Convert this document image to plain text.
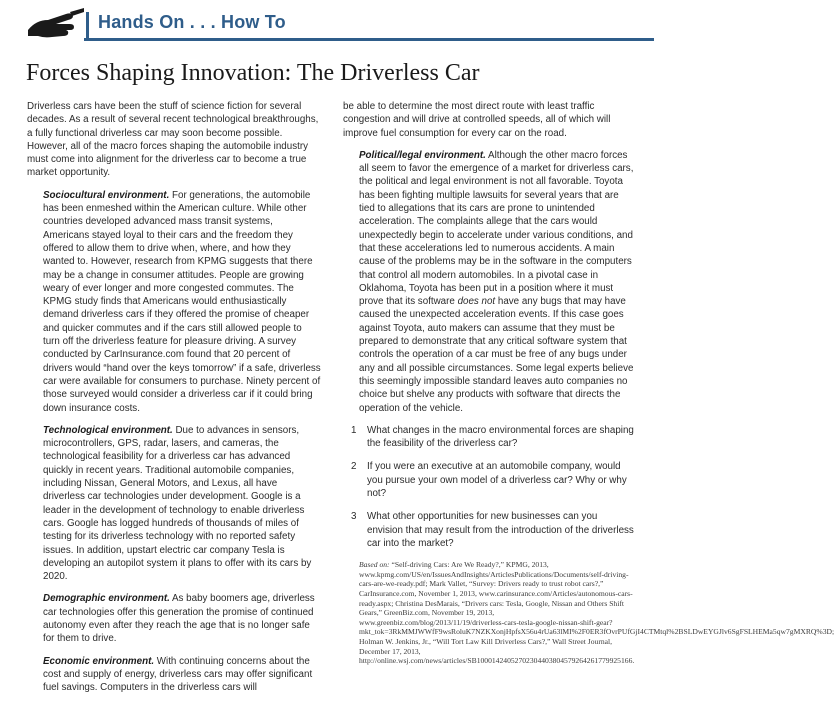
Hands On . . . How To
Forces Shaping Innovation: The Driverless Car

Driverless cars have been the stuff of science fiction for several decades. As a result of several recent technological breakthroughs, a fully functional driverless car may soon become possible. However, all of the macro forces shaping the automobile industry must come into alignment for the driverless car to become a true market opportunity.

Sociocultural environment. For generations, the automobile has been enmeshed within the American culture. While other countries developed advanced mass transit systems, Americans stayed loyal to their cars and the freedom they offered to allow them to drive when, where, and how they wanted to. However, research from KPMG suggests that there may be a change in consumer attitudes. People are growing weary of ever longer and more congested commutes. The KPMG study finds that Americans would enthusiastically demand driverless cars if they offered the promise of cheaper and quicker commutes and if the cars still allowed people to turn off the driverless feature for pleasure driving. A survey conducted by CarInsurance.com found that 20 percent of drivers would “hand over the keys tomorrow” if a safe, driverless car were available for consumers to purchase. Ninety percent of those surveyed would consider a driverless car if it could bring down insurance costs.

Technological environment. Due to advances in sensors, microcontrollers, GPS, radar, lasers, and cameras, the technological feasibility for a driverless car has advanced quickly in recent years. Traditional automobile companies, including Nissan, General Motors, and Lexus, all have driverless car technologies under development. Google is a leader in the development of technology to enable driverless cars. Google has logged hundreds of thousands of miles of testing for its driverless technology with no reported safety issues. In addition, upstart electric car company Tesla is developing an autopilot system it plans to offer with its cars by 2020.

Demographic environment. As baby boomers age, driverless car technologies offer this generation the promise of continued autonomy even after they reach the age that is no longer safe for them to drive.

Economic environment. With continuing concerns about the cost and supply of energy, driverless cars may offer significant fuel savings. Computers in the driverless cars will

be able to determine the most direct route with least traffic congestion and will drive at controlled speeds, all of which will improve fuel consumption for every car on the road.

Political/legal environment. Although the other macro forces all seem to favor the emergence of a market for driverless cars, the political and legal environment is not all favorable. Toyota has been fighting multiple lawsuits for several years that are tied to allegations that its cars are prone to unintended acceleration. The complaints allege that the cars would unexpectedly begin to accelerate under various conditions, and that these accelerations led to numerous accidents. A main cause of the problems may be in the software in the computers that control all modern automobiles. In a pivotal case in Oklahoma, Toyota has been put in a position where it must prove that its software does not have any bugs that may have caused the unexpected acceleration events. If this case goes against Toyota, auto makers can assume that they must be prepared to demonstrate that any critical software system that controls the operation of a car must be free of any bugs under any and all possible circumstances. Some legal experts believe this seemingly impossible standard leaves auto companies no choice but shelve any products with software that directs the operation of the vehicle.

1 What changes in the macro environmental forces are shaping the feasibility of the driverless car?
2 If you were an executive at an automobile company, would you pursue your own model of a driverless car? Why or why not?
3 What other opportunities for new businesses can you envision that may result from the introduction of the driverless car into the market?

Based on: “Self-driving Cars: Are We Ready?,” KPMG, 2013, www.kpmg.com/US/en/IssuesAndInsights/ArticlesPublications/Documents/self-driving-cars-are-we-ready.pdf; Mark Vallet, “Survey: Drivers ready to trust robot cars?,” CarInsurance.com, November 1, 2013, www.carinsurance.com/Articles/autonomous-cars-ready.aspx; Christina DesMarais, “Drivers cars: Tesla, Google, Nissan and Others Shift Gears,” GreenBiz.com, November 19, 2013, www.greenbiz.com/blog/2013/11/19/driverless-cars-tesla-google-nissan-shift-gear?mkt_tok=3RkMMJWWfF9wsRoluK7NZKXonjHpfsX56u4rUa63lMI%2F0ER3fOvrPUfGjI4CTMtql%2BSLDwEYGJlv6SgFSLHEMa5qw7gMXRQ%3D; Holman W. Jenkins, Jr., “Will Tort Law Kill Driverless Cars?,” Wall Street Journal, December 17, 2013, http://online.wsj.com/news/articles/SB10001424052702304403804579264261779925166.
